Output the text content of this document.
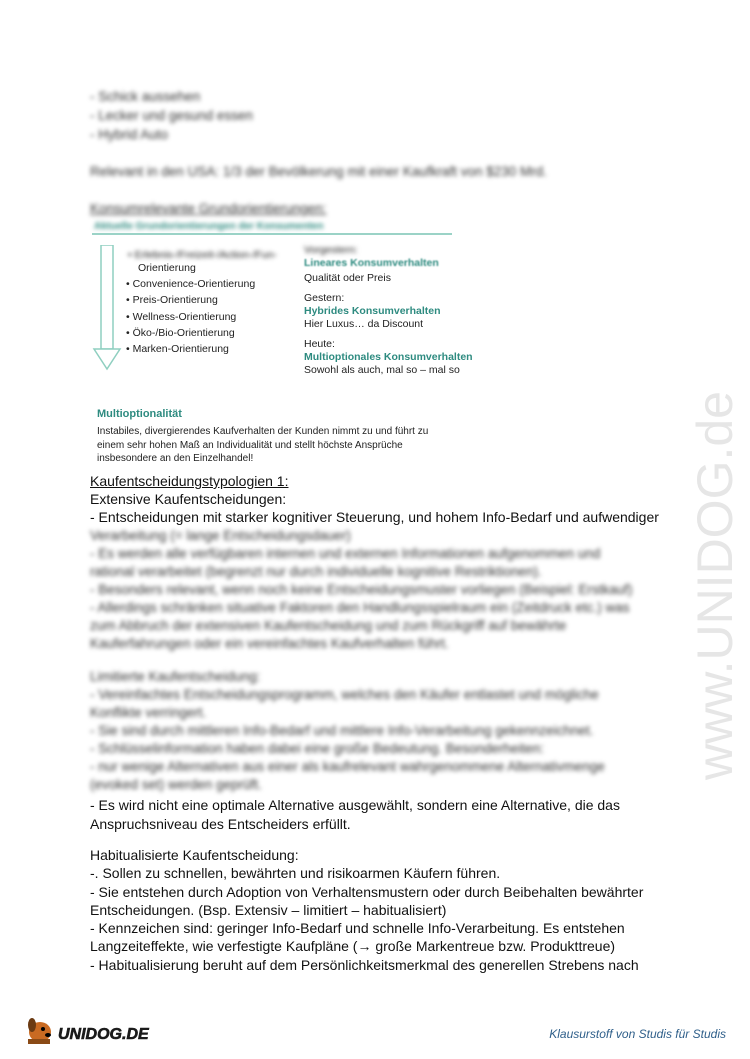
- Schick aussehen
- Lecker und gesund essen
- Hybrid Auto
Relevant in den USA: 1/3 der Bevölkerung mit einer Kaufkraft von $230 Mrd.
Konsumrelevante Grundorientierungen:
Aktuelle Grundorientierungen der Konsumenten
• Erlebnis-/Freizeit-/Action-/Fun-
Orientierung
• Convenience-Orientierung
• Preis-Orientierung
• Wellness-Orientierung
• Öko-/Bio-Orientierung
• Marken-Orientierung
Vorgestern:
Lineares Konsumverhalten
Qualität oder Preis
Gestern:
Hybrides Konsumverhalten
Hier Luxus… da Discount
Heute:
Multioptionales Konsumverhalten
Sowohl als auch, mal so – mal so
Multioptionalität
Instabiles, divergierendes Kaufverhalten der Kunden nimmt zu und führt zu
einem sehr hohen Maß an Individualität und stellt höchste Ansprüche
insbesondere an den Einzelhandel!
Kaufentscheidungstypologien 1:
Extensive Kaufentscheidungen:
- Entscheidungen mit starker kognitiver Steuerung, und hohem Info-Bedarf und aufwendiger
Verarbeitung (= lange Entscheidungsdauer)
- Es werden alle verfügbaren internen und externen Informationen aufgenommen und
rational verarbeitet (begrenzt nur durch individuelle kognitive Restriktionen).
- Besonders relevant, wenn noch keine Entscheidungsmuster vorliegen (Beispiel: Erstkauf)
- Allerdings schränken situative Faktoren den Handlungsspielraum ein (Zeitdruck etc.) was
zum Abbruch der extensiven Kaufentscheidung und zum Rückgriff auf bewährte
Kauferfahrungen oder ein vereinfachtes Kaufverhalten führt.
Limitierte Kaufentscheidung:
- Vereinfachtes Entscheidungsprogramm, welches den Käufer entlastet und mögliche
Konflikte verringert.
- Sie sind durch mittleren Info-Bedarf und mittlere Info-Verarbeitung gekennzeichnet.
- Schlüsselinformation haben dabei eine große Bedeutung. Besonderheiten:
- nur wenige Alternativen aus einer als kaufrelevant wahrgenommene Alternativmenge
(evoked set) werden geprüft.
- Es wird nicht eine optimale Alternative ausgewählt, sondern eine Alternative, die das
Anspruchsniveau des Entscheiders erfüllt.
Habitualisierte Kaufentscheidung:
-. Sollen zu schnellen, bewährten und risikoarmen Käufern führen.
- Sie entstehen durch Adoption von Verhaltensmustern oder durch Beibehalten bewährter
Entscheidungen. (Bsp. Extensiv – limitiert – habitualisiert)
- Kennzeichen sind: geringer Info-Bedarf und schnelle Info-Verarbeitung. Es entstehen
Langzeiteffekte, wie verfestigte Kaufpläne (→ große Markentreue bzw. Produkttreue)
- Habitualisierung beruht auf dem Persönlichkeitsmerkmal des generellen Strebens nach
www.UNIDOG.de
UNIDOG.DE	Klausurstoff von Studis für Studis
